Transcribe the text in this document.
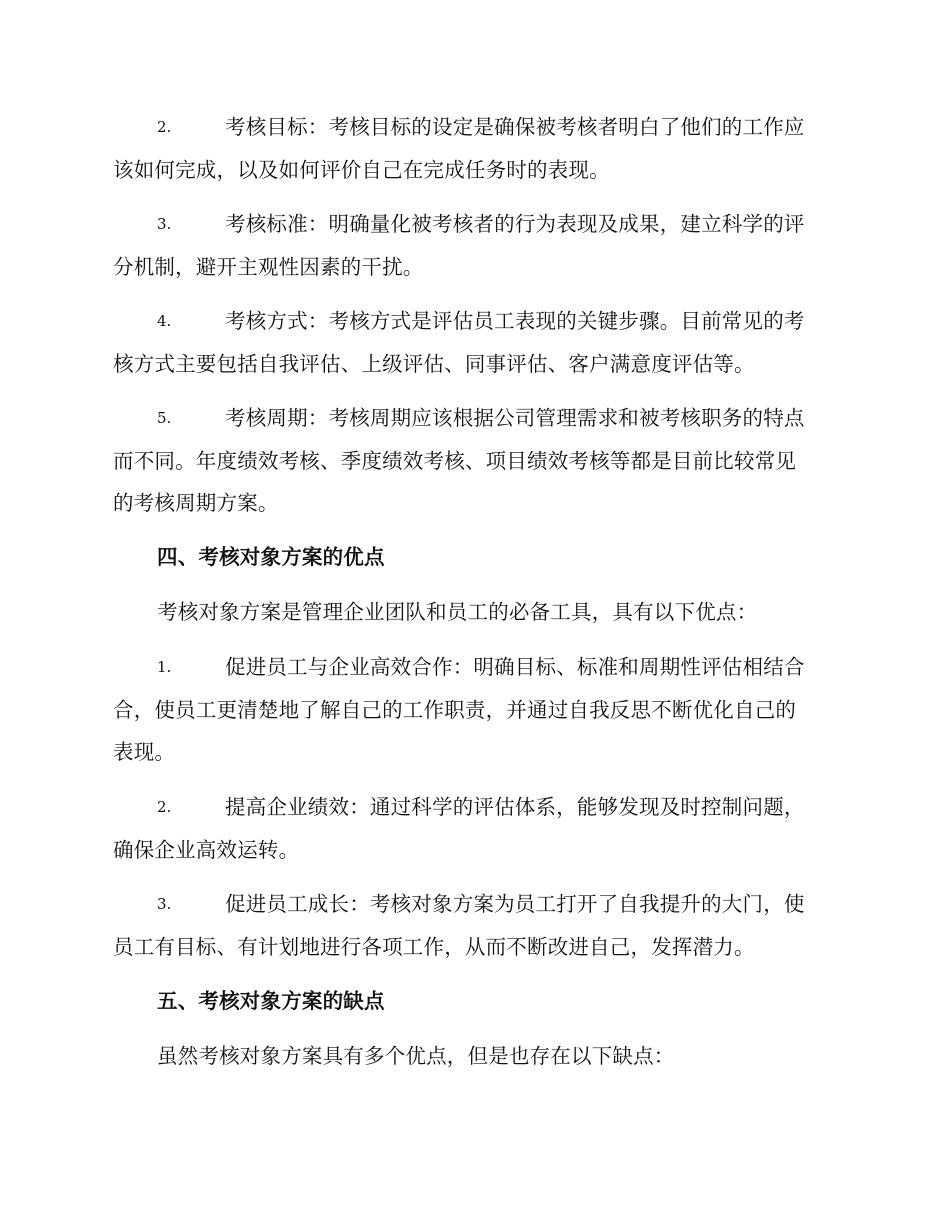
2.	考核目标：考核目标的设定是确保被考核者明白了他们的工作应
该如何完成，以及如何评价自己在完成任务时的表现。
3.	考核标准：明确量化被考核者的行为表现及成果，建立科学的评
分机制，避开主观性因素的干扰。
4.	考核方式：考核方式是评估员工表现的关键步骤。目前常见的考
核方式主要包括自我评估、上级评估、同事评估、客户满意度评估等。
5.	考核周期：考核周期应该根据公司管理需求和被考核职务的特点
而不同。年度绩效考核、季度绩效考核、项目绩效考核等都是目前比较常见
的考核周期方案。
四、考核对象方案的优点
考核对象方案是管理企业团队和员工的必备工具，具有以下优点：
1.	促进员工与企业高效合作：明确目标、标准和周期性评估相结合
合，使员工更清楚地了解自己的工作职责，并通过自我反思不断优化自己的
表现。
2.	提高企业绩效：通过科学的评估体系，能够发现及时控制问题，
确保企业高效运转。
3.	促进员工成长：考核对象方案为员工打开了自我提升的大门，使
员工有目标、有计划地进行各项工作，从而不断改进自己，发挥潜力。
五、考核对象方案的缺点
虽然考核对象方案具有多个优点，但是也存在以下缺点：
